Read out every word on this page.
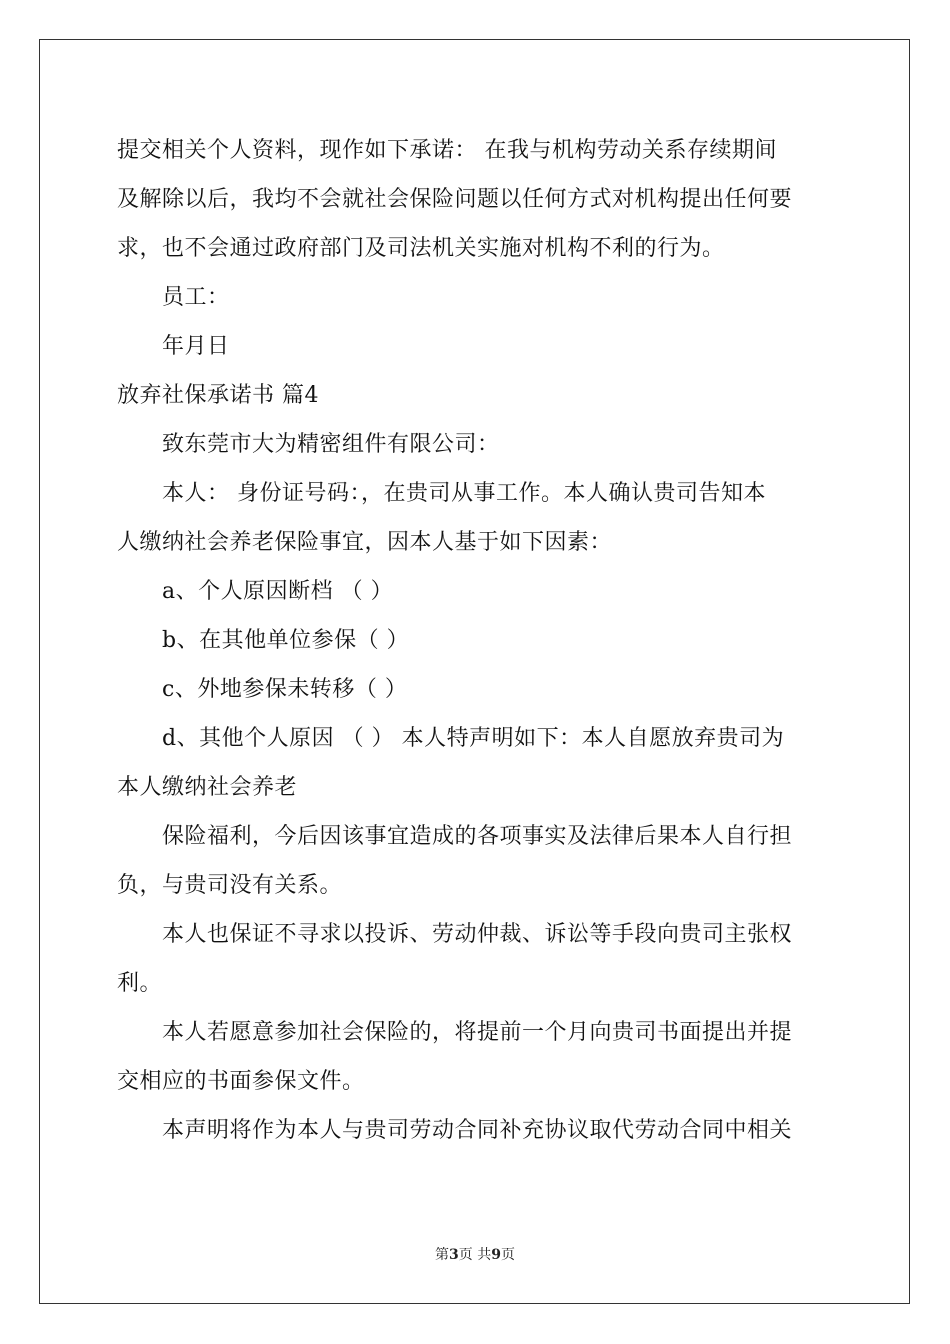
提交相关个人资料，现作如下承诺： 在我与机构劳动关系存续期间
及解除以后，我均不会就社会保险问题以任何方式对机构提出任何要
求，也不会通过政府部门及司法机关实施对机构不利的行为。
员工：
年月日
放弃社保承诺书 篇4
致东莞市大为精密组件有限公司：
本人： 身份证号码：，在贵司从事工作。本人确认贵司告知本
人缴纳社会养老保险事宜，因本人基于如下因素：
a、个人原因断档 （ ）
b、在其他单位参保（ ）
c、外地参保未转移（ ）
d、其他个人原因 （ ） 本人特声明如下：本人自愿放弃贵司为
本人缴纳社会养老
保险福利，今后因该事宜造成的各项事实及法律后果本人自行担
负，与贵司没有关系。
本人也保证不寻求以投诉、劳动仲裁、诉讼等手段向贵司主张权
利。
本人若愿意参加社会保险的，将提前一个月向贵司书面提出并提
交相应的书面参保文件。
本声明将作为本人与贵司劳动合同补充协议取代劳动合同中相关
第3页 共9页
